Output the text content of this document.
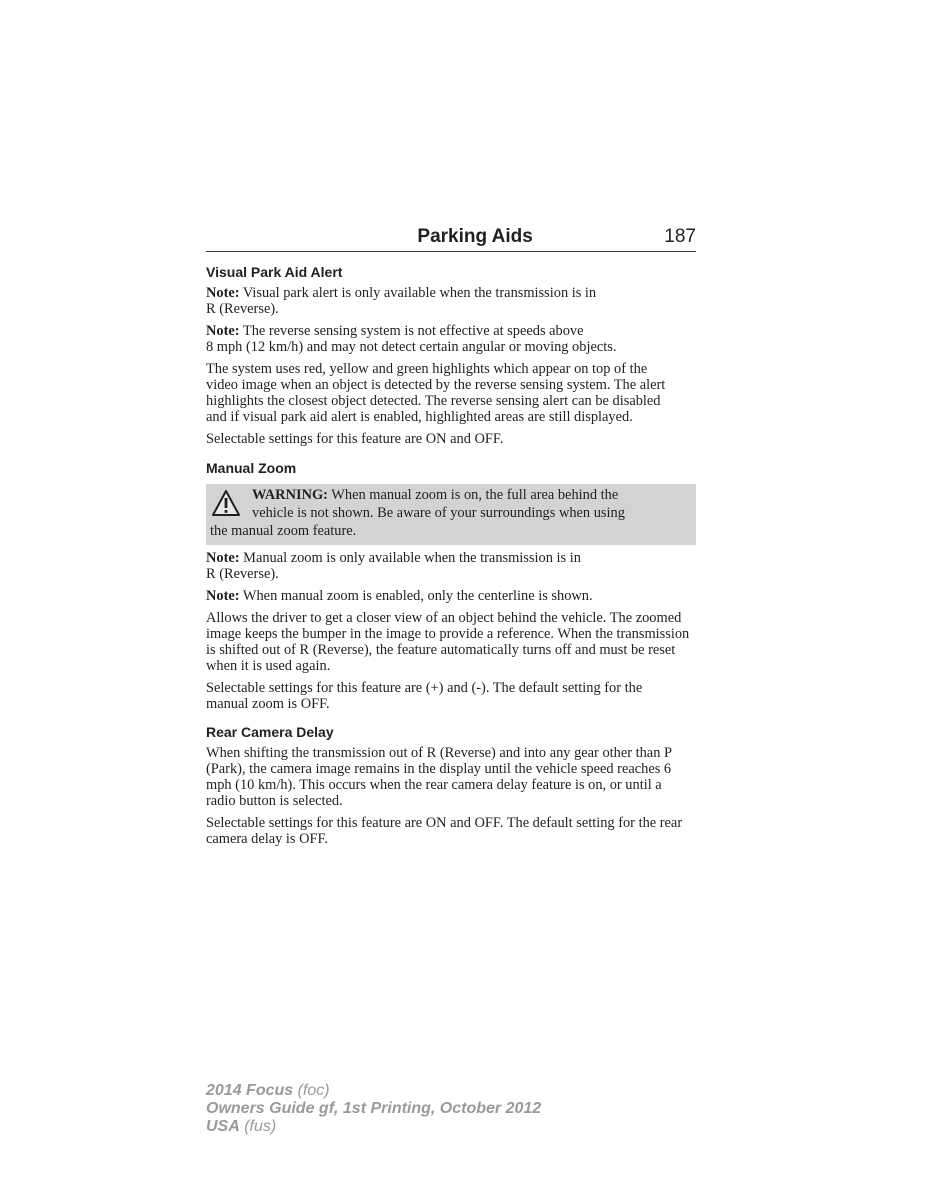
Parking Aids	187
Visual Park Aid Alert

Note: Visual park alert is only available when the transmission is in
R (Reverse).

Note: The reverse sensing system is not effective at speeds above
8 mph (12 km/h) and may not detect certain angular or moving objects.

The system uses red, yellow and green highlights which appear on top of the video image when an object is detected by the reverse sensing system. The alert highlights the closest object detected. The reverse sensing alert can be disabled and if visual park aid alert is enabled, highlighted areas are still displayed.

Selectable settings for this feature are ON and OFF.

Manual Zoom
WARNING: When manual zoom is on, the full area behind the
vehicle is not shown. Be aware of your surroundings when using
the manual zoom feature.

Note: Manual zoom is only available when the transmission is in
R (Reverse).

Note: When manual zoom is enabled, only the centerline is shown.

Allows the driver to get a closer view of an object behind the vehicle. The zoomed image keeps the bumper in the image to provide a reference. When the transmission is shifted out of R (Reverse), the feature automatically turns off and must be reset when it is used again.

Selectable settings for this feature are (+) and (-). The default setting for the manual zoom is OFF.

Rear Camera Delay

When shifting the transmission out of R (Reverse) and into any gear other than P (Park), the camera image remains in the display until the vehicle speed reaches 6 mph (10 km/h). This occurs when the rear camera delay feature is on, or until a radio button is selected.

Selectable settings for this feature are ON and OFF. The default setting for the rear camera delay is OFF.

2014 Focus (foc)
Owners Guide gf, 1st Printing, October 2012
USA (fus)
